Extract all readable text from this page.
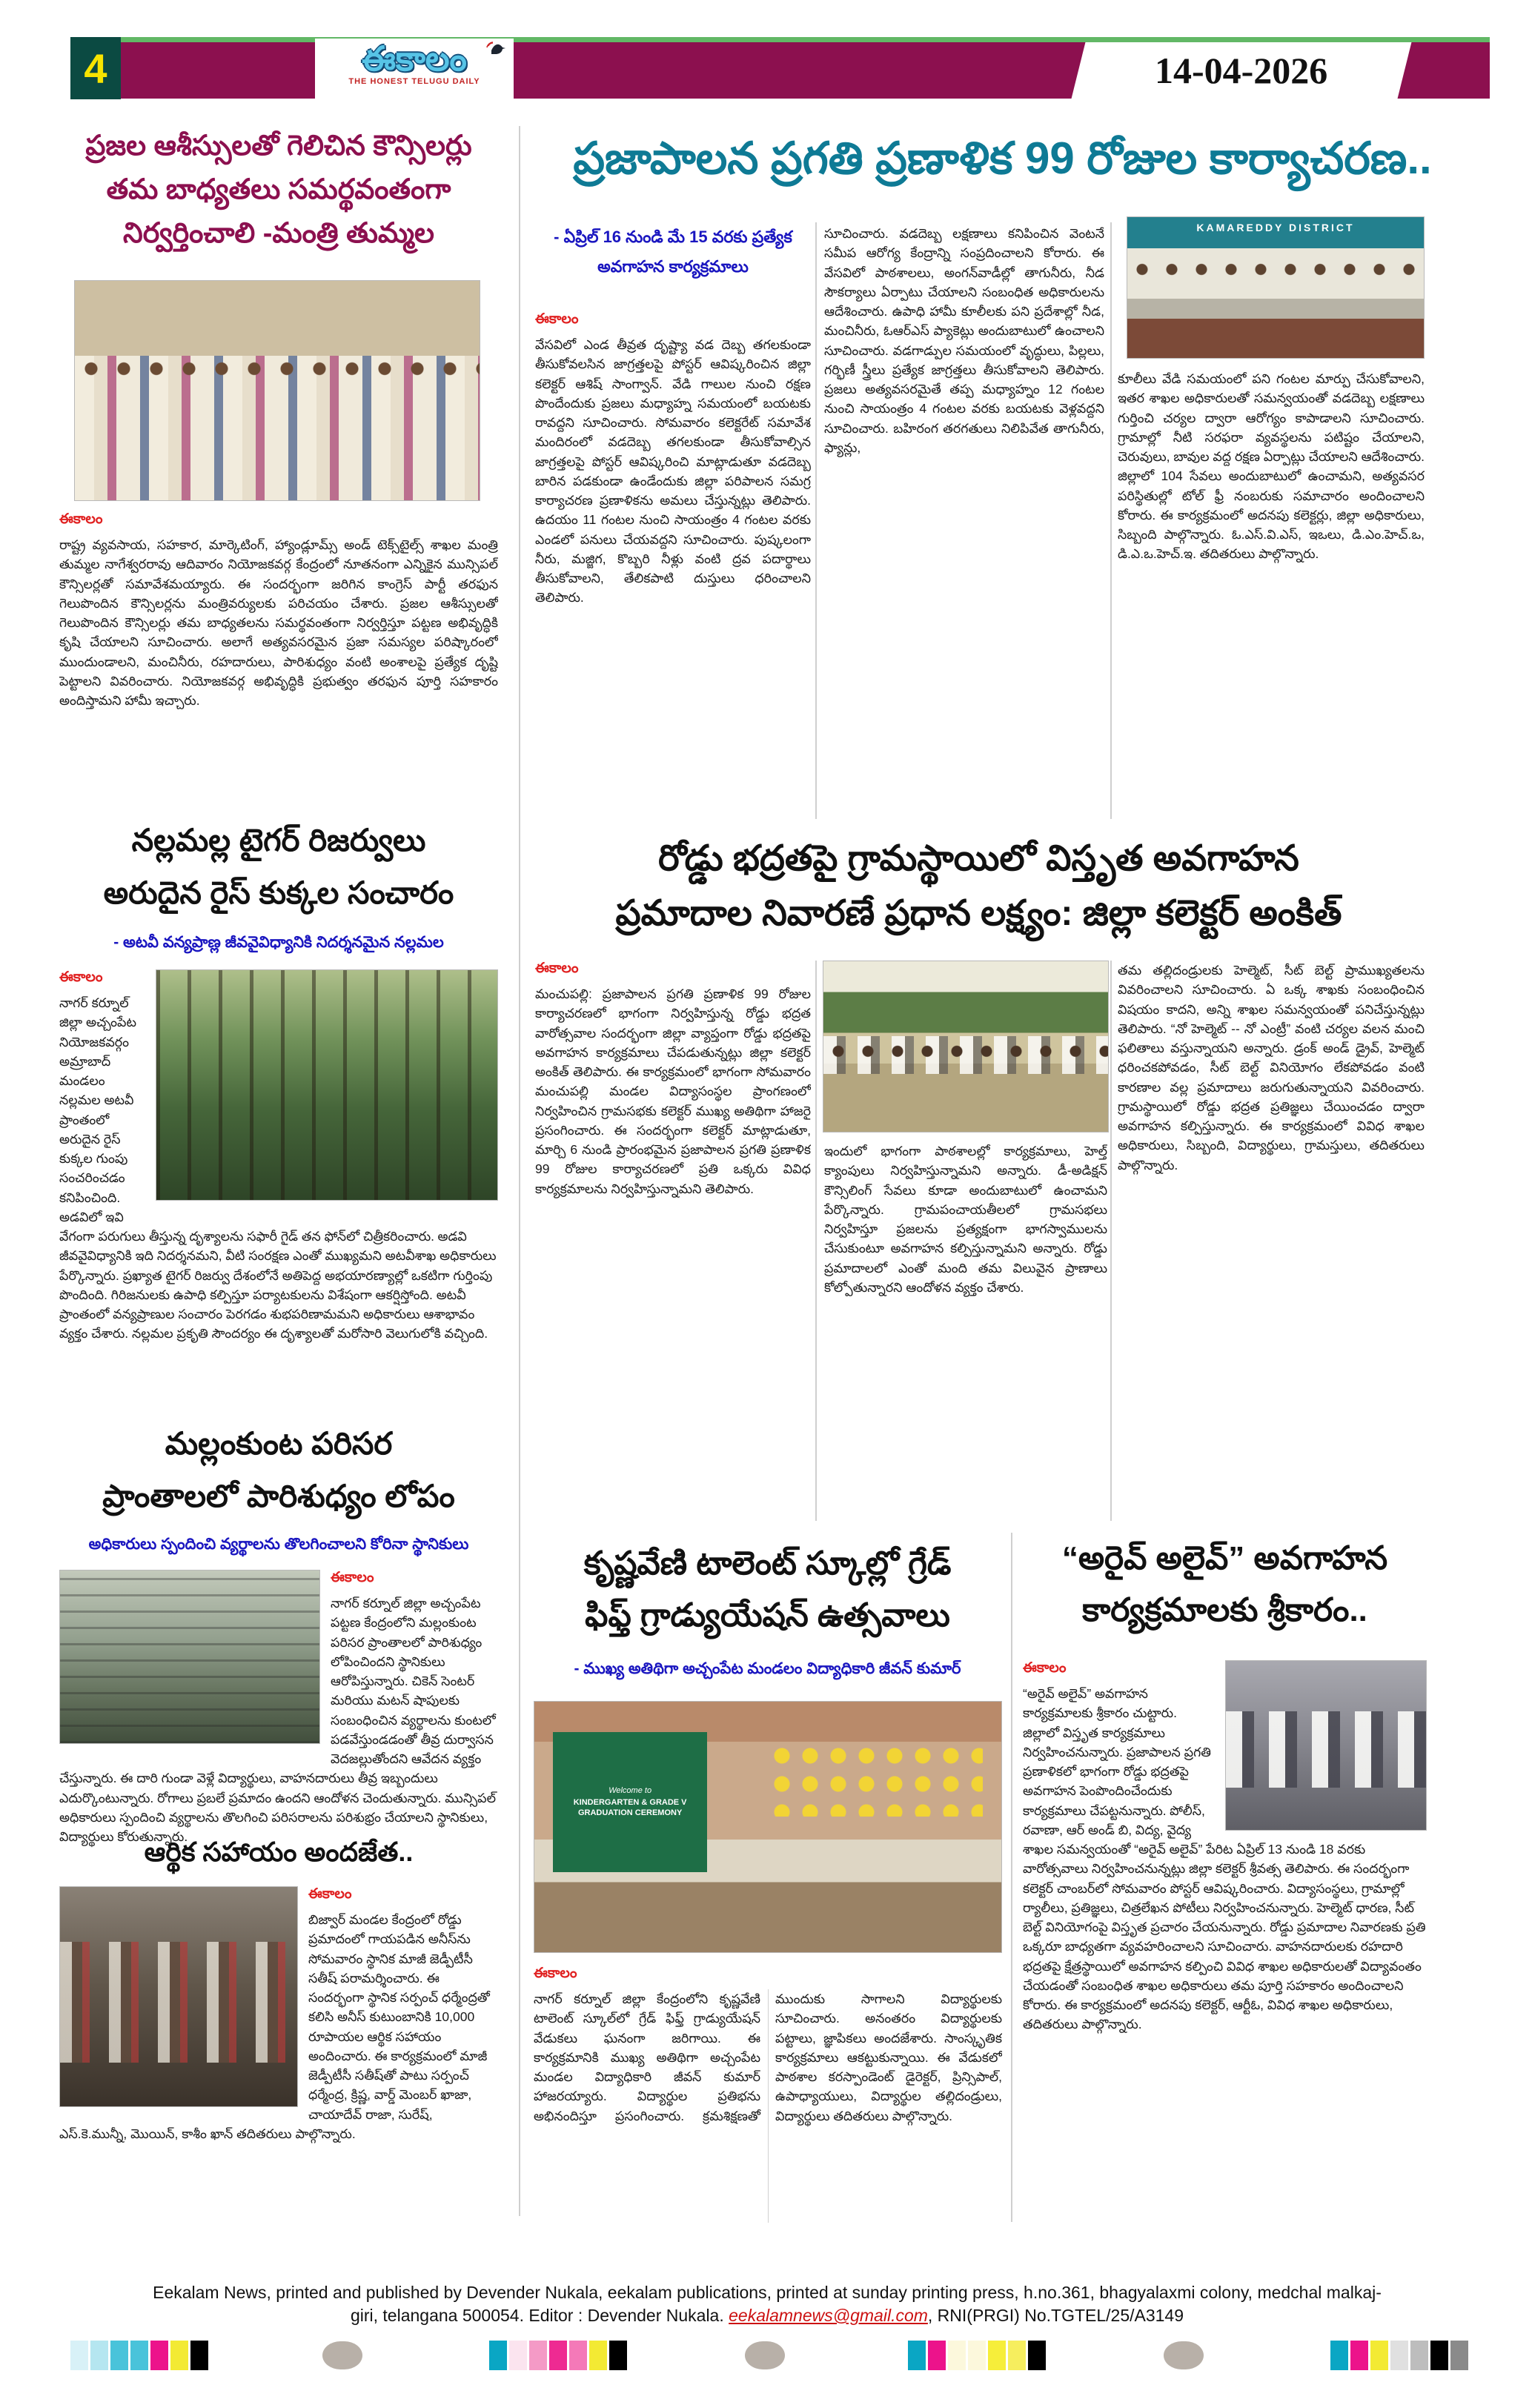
4	ఈకాలం
THE HONEST TELUGU DAILY	14-04-2026
ప్రజాపాలన ప్రగతి ప్రణాళిక 99 రోజుల కార్యాచరణ..
ప్రజల ఆశీస్సులతో గెలిచిన కౌన్సిలర్లు
తమ బాధ్యతలు సమర్థవంతంగా
నిర్వర్తించాలి -మంత్రి తుమ్మల
ఈకాలం
రాష్ట్ర వ్యవసాయ, సహకార, మార్కెటింగ్, హ్యాండ్లూమ్స్ అండ్ టెక్స్‌టైల్స్ శాఖల మంత్రి తుమ్మల నాగేశ్వరరావు ఆదివారం నియోజకవర్గ కేంద్రంలో నూతనంగా ఎన్నికైన మున్సిపల్ కౌన్సిలర్లతో సమావేశమయ్యారు. ఈ సందర్భంగా జరిగిన కాంగ్రెస్ పార్టీ తరఫున గెలుపొందిన కౌన్సిలర్లను మంత్రివర్యులకు పరిచయం చేశారు. ప్రజల ఆశీస్సులతో గెలుపొందిన కౌన్సిలర్లు తమ బాధ్యతలను సమర్థవంతంగా నిర్వర్తిస్తూ పట్టణ అభివృద్ధికి కృషి చేయాలని సూచించారు. అలాగే అత్యవసరమైన ప్రజా సమస్యల పరిష్కారంలో ముందుండాలని, మంచినీరు, రహదారులు, పారిశుధ్యం వంటి అంశాలపై ప్రత్యేక దృష్టి పెట్టాలని వివరించారు. నియోజకవర్గ అభివృద్ధికి ప్రభుత్వం తరఫున పూర్తి సహకారం అందిస్తామని హామీ ఇచ్చారు.
నల్లమల్ల టైగర్ రిజర్వులు
అరుదైన రైస్ కుక్కల సంచారం
- అటవీ వన్యప్రాణ్ల జీవవైవిధ్యానికి నిదర్శనమైన నల్లమల
ఈకాలం
నాగర్ కర్నూల్ జిల్లా అచ్చంపేట నియోజకవర్గం అమ్రాబాద్ మండలం నల్లమల అటవీ ప్రాంతంలో అరుదైన రైస్ కుక్కల గుంపు సంచరించడం కనిపించింది. అడవిలో ఇవి వేగంగా పరుగులు తీస్తున్న దృశ్యాలను సఫారీ గైడ్ తన ఫోన్‌లో చిత్రీకరించారు. అడవి జీవవైవిధ్యానికి ఇది నిదర్శనమని, వీటి సంరక్షణ ఎంతో ముఖ్యమని అటవీశాఖ అధికారులు పేర్కొన్నారు. ప్రఖ్యాత టైగర్ రిజర్వు దేశంలోనే అతిపెద్ద అభయారణ్యాల్లో ఒకటిగా గుర్తింపు పొందింది. గిరిజనులకు ఉపాధి కల్పిస్తూ పర్యాటకులను విశేషంగా ఆకర్షిస్తోంది. అటవీ ప్రాంతంలో వన్యప్రాణుల సంచారం పెరగడం శుభపరిణామమని అధికారులు ఆశాభావం వ్యక్తం చేశారు. నల్లమల ప్రకృతి సౌందర్యం ఈ దృశ్యాలతో మరోసారి వెలుగులోకి వచ్చింది.
మల్లంకుంట పరిసర
ప్రాంతాలలో పారిశుధ్యం లోపం
అధికారులు స్పందించి వ్యర్థాలను తొలగించాలని కోరినా స్థానికులు
ఈకాలం
నాగర్ కర్నూల్ జిల్లా అచ్చంపేట పట్టణ కేంద్రంలోని మల్లంకుంట పరిసర ప్రాంతాలలో పారిశుధ్యం లోపించిందని స్థానికులు ఆరోపిస్తున్నారు. చికెన్ సెంటర్ మరియు మటన్ షాపులకు సంబంధించిన వ్యర్థాలను కుంటలో పడవేస్తుండడంతో తీవ్ర దుర్వాసన వెదజల్లుతోందని ఆవేదన వ్యక్తం చేస్తున్నారు. ఈ దారి గుండా వెళ్లే విద్యార్థులు, వాహనదారులు తీవ్ర ఇబ్బందులు ఎదుర్కొంటున్నారు. రోగాలు ప్రబలే ప్రమాదం ఉందని ఆందోళన చెందుతున్నారు. మున్సిపల్ అధికారులు స్పందించి వ్యర్థాలను తొలగించి పరిసరాలను పరిశుభ్రం చేయాలని స్థానికులు, విద్యార్థులు కోరుతున్నారు.
ఆర్థిక సహాయం అందజేత..
ఈకాలం
బిజ్వార్ మండల కేంద్రంలో రోడ్డు ప్రమాదంలో గాయపడిన అనీస్‌ను సోమవారం స్థానిక మాజీ జెడ్పీటీసీ సతీష్ పరామర్శించారు. ఈ సందర్భంగా స్థానిక సర్పంచ్ ధర్మేంద్రతో కలిసి అనీస్ కుటుంబానికి 10,000 రూపాయల ఆర్థిక సహాయం అందించారు. ఈ కార్యక్రమంలో మాజీ జెడ్పీటీసీ సతీష్‌తో పాటు సర్పంచ్ ధర్మేంద్ర, క్రిష్ణ, వార్డ్ మెంబర్ ఖాజా, చాయాదేవ్ రాజా, సురేష్, ఎస్.కె.మున్నీ, మొయిన్, కాశీం ఖాన్ తదితరులు పాల్గొన్నారు.
- ఏప్రిల్ 16 నుండి మే 15 వరకు ప్రత్యేక
అవగాహన కార్యక్రమాలు
KAMAREDDY DISTRICT
ఈకాలం
వేసవిలో ఎండ తీవ్రత దృష్ట్యా వడ దెబ్బ తగలకుండా తీసుకోవలసిన జాగ్రత్తలపై పోస్టర్ ఆవిష్కరించిన జిల్లా కలెక్టర్ ఆశిష్ సాంగ్వాన్. వేడి గాలుల నుంచి రక్షణ పొందేందుకు ప్రజలు మధ్యాహ్న సమయంలో బయటకు రావద్దని సూచించారు. సోమవారం కలెక్టరేట్ సమావేశ మందిరంలో వడదెబ్బ తగలకుండా తీసుకోవాల్సిన జాగ్రత్తలపై పోస్టర్ ఆవిష్కరించి మాట్లాడుతూ వడదెబ్బ బారిన పడకుండా ఉండేందుకు జిల్లా పరిపాలన సమగ్ర కార్యాచరణ ప్రణాళికను అమలు చేస్తున్నట్లు తెలిపారు. ఉదయం 11 గంటల నుంచి సాయంత్రం 4 గంటల వరకు ఎండలో పనులు చేయవద్దని సూచించారు. పుష్కలంగా నీరు, మజ్జిగ, కొబ్బరి నీళ్లు వంటి ద్రవ పదార్థాలు తీసుకోవాలని, తేలికపాటి దుస్తులు ధరించాలని తెలిపారు.
సూచించారు. వడదెబ్బ లక్షణాలు కనిపించిన వెంటనే సమీప ఆరోగ్య కేంద్రాన్ని సంప్రదించాలని కోరారు. ఈ వేసవిలో పాఠశాలలు, అంగన్‌వాడీల్లో తాగునీరు, నీడ సౌకర్యాలు ఏర్పాటు చేయాలని సంబంధిత అధికారులను ఆదేశించారు. ఉపాధి హామీ కూలీలకు పని ప్రదేశాల్లో నీడ, మంచినీరు, ఓఆర్‌ఎస్ ప్యాకెట్లు అందుబాటులో ఉంచాలని సూచించారు. వడగాడ్పుల సమయంలో వృద్ధులు, పిల్లలు, గర్భిణీ స్త్రీలు ప్రత్యేక జాగ్రత్తలు తీసుకోవాలని తెలిపారు. ప్రజలు అత్యవసరమైతే తప్ప మధ్యాహ్నం 12 గంటల నుంచి సాయంత్రం 4 గంటల వరకు బయటకు వెళ్లవద్దని సూచించారు. బహిరంగ తరగతులు నిలిపివేత తాగునీరు, ఫ్యాన్లు,
కూలీలు వేడి సమయంలో పని గంటల మార్పు చేసుకోవాలని, ఇతర శాఖల అధికారులతో సమన్వయంతో వడదెబ్బ లక్షణాలు గుర్తించి చర్యల ద్వారా ఆరోగ్యం కాపాడాలని సూచించారు. గ్రామాల్లో నీటి సరఫరా వ్యవస్థలను పటిష్టం చేయాలని, చెరువులు, బావుల వద్ద రక్షణ ఏర్పాట్లు చేయాలని ఆదేశించారు. జిల్లాలో 104 సేవలు అందుబాటులో ఉంచామని, అత్యవసర పరిస్థితుల్లో టోల్ ఫ్రీ నంబరుకు సమాచారం అందించాలని కోరారు. ఈ కార్యక్రమంలో అదనపు కలెక్టర్లు, జిల్లా అధికారులు, సిబ్బంది పాల్గొన్నారు. ఓ.ఎస్.వి.ఎస్, ఇఒలు, డి.ఎం.హెచ్.ఒ, డి.ఎ.ఒ.హెచ్.ఇ. తదితరులు పాల్గొన్నారు.
రోడ్డు భద్రతపై గ్రామస్థాయిలో విస్తృత అవగాహన
ప్రమాదాల నివారణే ప్రధాన లక్ష్యం: జిల్లా కలెక్టర్ అంకిత్
ఈకాలం
మంచుపల్లి: ప్రజాపాలన ప్రగతి ప్రణాళిక 99 రోజుల కార్యాచరణలో భాగంగా నిర్వహిస్తున్న రోడ్డు భద్రత వారోత్సవాల సందర్భంగా జిల్లా వ్యాప్తంగా రోడ్డు భద్రతపై అవగాహన కార్యక్రమాలు చేపడుతున్నట్లు జిల్లా కలెక్టర్ అంకిత్ తెలిపారు. ఈ కార్యక్రమంలో భాగంగా సోమవారం మంచుపల్లి మండల విద్యాసంస్థల ప్రాంగణంలో నిర్వహించిన గ్రామసభకు కలెక్టర్ ముఖ్య అతిథిగా హాజరై ప్రసంగించారు. ఈ సందర్భంగా కలెక్టర్ మాట్లాడుతూ, మార్చి 6 నుండి ప్రారంభమైన ప్రజాపాలన ప్రగతి ప్రణాళిక 99 రోజుల కార్యాచరణలో ప్రతి ఒక్కరు వివిధ కార్యక్రమాలను నిర్వహిస్తున్నామని తెలిపారు.
ఇందులో భాగంగా పాఠశాలల్లో కార్యక్రమాలు, హెల్త్ క్యాంపులు నిర్వహిస్తున్నామని అన్నారు. డీ-అడిక్షన్ కౌన్సిలింగ్ సేవలు కూడా అందుబాటులో ఉంచామని పేర్కొన్నారు. గ్రామపంచాయతీలలో గ్రామసభలు నిర్వహిస్తూ ప్రజలను ప్రత్యక్షంగా భాగస్వాములను చేసుకుంటూ అవగాహన కల్పిస్తున్నామని అన్నారు. రోడ్డు ప్రమాదాలలో ఎంతో మంది తమ విలువైన ప్రాణాలు కోల్పోతున్నారని ఆందోళన వ్యక్తం చేశారు.
తమ తల్లిదండ్రులకు హెల్మెట్, సీట్ బెల్ట్ ప్రాముఖ్యతలను వివరించాలని సూచించారు. ఏ ఒక్క శాఖకు సంబంధించిన విషయం కాదని, అన్ని శాఖల సమన్వయంతో పనిచేస్తున్నట్లు తెలిపారు. “నో హెల్మెట్ -- నో ఎంట్రీ” వంటి చర్యల వలన మంచి ఫలితాలు వస్తున్నాయని అన్నారు. డ్రంక్ అండ్ డ్రైవ్, హెల్మెట్ ధరించకపోవడం, సీట్ బెల్ట్ వినియోగం లేకపోవడం వంటి కారణాల వల్ల ప్రమాదాలు జరుగుతున్నాయని వివరించారు. గ్రామస్థాయిలో రోడ్డు భద్రత ప్రతిజ్ఞలు చేయించడం ద్వారా అవగాహన కల్పిస్తున్నారు. ఈ కార్యక్రమంలో వివిధ శాఖల అధికారులు, సిబ్బంది, విద్యార్థులు, గ్రామస్తులు, తదితరులు పాల్గొన్నారు.
కృష్ణవేణి టాలెంట్ స్కూల్లో గ్రేడ్
ఫిఫ్త్ గ్రాడ్యుయేషన్ ఉత్సవాలు
- ముఖ్య అతిథిగా అచ్చంపేట మండలం విద్యాధికారి జీవన్ కుమార్
Welcome to
KINDERGARTEN & GRADE V
GRADUATION CEREMONY
ఈకాలం
నాగర్ కర్నూల్ జిల్లా కేంద్రంలోని కృష్ణవేణి టాలెంట్ స్కూల్‌లో గ్రేడ్ ఫిఫ్త్ గ్రాడ్యుయేషన్ వేడుకలు ఘనంగా జరిగాయి. ఈ కార్యక్రమానికి ముఖ్య అతిథిగా అచ్చంపేట మండల విద్యాధికారి జీవన్ కుమార్ హాజరయ్యారు. విద్యార్థుల ప్రతిభను అభినందిస్తూ ప్రసంగించారు. క్రమశిక్షణతో ముందుకు సాగాలని విద్యార్థులకు సూచించారు. అనంతరం విద్యార్థులకు పట్టాలు, జ్ఞాపికలు అందజేశారు. సాంస్కృతిక కార్యక్రమాలు ఆకట్టుకున్నాయి. ఈ వేడుకలో పాఠశాల కరస్పాండెంట్ డైరెక్టర్, ప్రిన్సిపాల్, ఉపాధ్యాయులు, విద్యార్థుల తల్లిదండ్రులు, విద్యార్థులు తదితరులు పాల్గొన్నారు.
“అరైవ్ అలైవ్” అవగాహన
కార్యక్రమాలకు శ్రీకారం..
ఈకాలం
“అరైవ్ అలైవ్” అవగాహన కార్యక్రమాలకు శ్రీకారం చుట్టారు. జిల్లాలో విస్తృత కార్యక్రమాలు నిర్వహించనున్నారు. ప్రజాపాలన ప్రగతి ప్రణాళికలో భాగంగా రోడ్డు భద్రతపై అవగాహన పెంపొందించేందుకు కార్యక్రమాలు చేపట్టనున్నారు. పోలీస్, రవాణా, ఆర్ అండ్ బి, విద్య, వైద్య శాఖల సమన్వయంతో “అరైవ్ అలైవ్” పేరిట ఏప్రిల్ 13 నుండి 18 వరకు వారోత్సవాలు నిర్వహించనున్నట్లు జిల్లా కలెక్టర్ శ్రీవత్స తెలిపారు. ఈ సందర్భంగా కలెక్టర్ చాంబర్‌లో సోమవారం పోస్టర్ ఆవిష్కరించారు. విద్యాసంస్థలు, గ్రామాల్లో ర్యాలీలు, ప్రతిజ్ఞలు, చిత్రలేఖన పోటీలు నిర్వహించనున్నారు. హెల్మెట్ ధారణ, సీట్ బెల్ట్ వినియోగంపై విస్తృత ప్రచారం చేయనున్నారు. రోడ్డు ప్రమాదాల నివారణకు ప్రతి ఒక్కరూ బాధ్యతగా వ్యవహరించాలని సూచించారు. వాహనదారులకు రహదారి భద్రతపై క్షేత్రస్థాయిలో అవగాహన కల్పించి వివిధ శాఖల అధికారులతో విద్యావంతం చేయడంతో సంబంధిత శాఖల అధికారులు తమ పూర్తి సహకారం అందించాలని కోరారు. ఈ కార్యక్రమంలో అదనపు కలెక్టర్, ఆర్టీఓ, వివిధ శాఖల అధికారులు, తదితరులు పాల్గొన్నారు.
Eekalam News, printed and published by Devender Nukala, eekalam publications, printed at sunday printing press, h.no.361, bhagyalaxmi colony, medchal malkaj-
giri, telangana 500054. Editor : Devender Nukala. eekalamnews@gmail.com, RNI(PRGI) No.TGTEL/25/A3149
